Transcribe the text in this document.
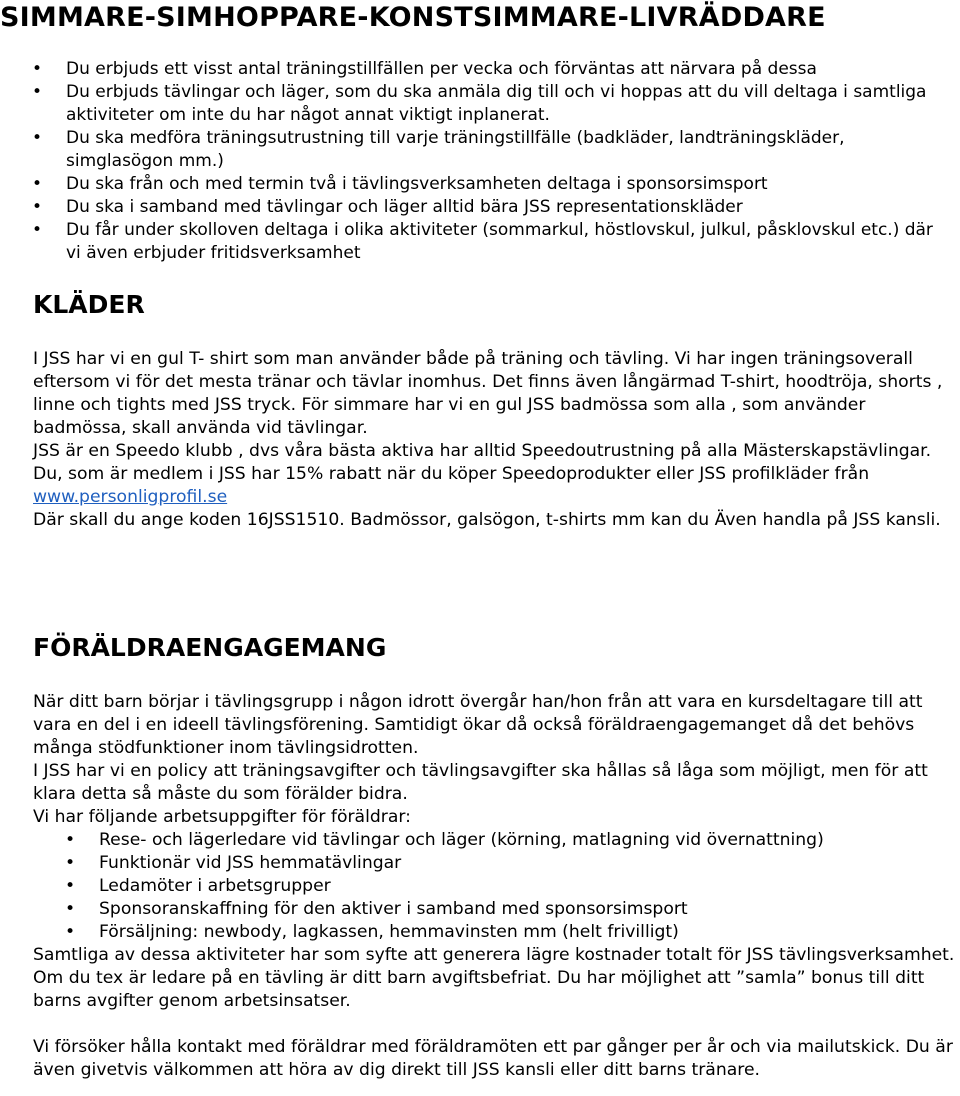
SIMMARE-SIMHOPPARE-KONSTSIMMARE-LIVRÄDDARE
• Du erbjuds ett visst antal träningstillfällen per vecka och förväntas att närvara på dessa
• Du erbjuds tävlingar och läger, som du ska anmäla dig till och vi hoppas att du vill deltaga i samtliga aktiviteter om inte du har något annat viktigt inplanerat.
• Du ska medföra träningsutrustning till varje träningstillfälle (badkläder, landträningskläder, simglasögon mm.)
• Du ska från och med termin två i tävlingsverksamheten deltaga i sponsorsimsport
• Du ska i samband med tävlingar och läger alltid bära JSS representationskläder
• Du får under skolloven deltaga i olika aktiviteter (sommarkul, höstlovskul, julkul, påsklovskul etc.) där vi även erbjuder fritidsverksamhet
KLÄDER

I JSS har vi en gul T- shirt som man använder både på träning och tävling. Vi har ingen träningsoverall eftersom vi för det mesta tränar och tävlar inomhus. Det finns även långärmad T-shirt, hoodtröja, shorts , linne och tights med JSS tryck. För simmare har vi en gul JSS badmössa som alla , som använder badmössa, skall använda vid tävlingar.

JSS är en Speedo klubb , dvs våra bästa aktiva har alltid Speedoutrustning på alla Mästerskapstävlingar. Du, som är medlem i JSS har 15% rabatt när du köper Speedoprodukter eller JSS profilkläder från www.personligprofil.se
Där skall du ange koden 16JSS1510. Badmössor, galsögon, t-shirts mm kan du Även handla på JSS kansli.

FÖRÄLDRAENGAGEMANG

När ditt barn börjar i tävlingsgrupp i någon idrott övergår han/hon från att vara en kursdeltagare till att vara en del i en ideell tävlingsförening. Samtidigt ökar då också föräldraengagemanget då det behövs många stödfunktioner inom tävlingsidrotten.

I JSS har vi en policy att träningsavgifter och tävlingsavgifter ska hållas så låga som möjligt, men för att klara detta så måste du som förälder bidra.

Vi har följande arbetsuppgifter för föräldrar:

• Rese- och lägerledare vid tävlingar och läger (körning, matlagning vid övernattning)
• Funktionär vid JSS hemmatävlingar
• Ledamöter i arbetsgrupper
• Sponsoranskaffning för den aktiver i samband med sponsorsimsport
• Försäljning: newbody, lagkassen, hemmavinsten mm (helt frivilligt)

Samtliga av dessa aktiviteter har som syfte att generera lägre kostnader totalt för JSS tävlingsverksamhet. Om du tex är ledare på en tävling är ditt barn avgiftsbefriat. Du har möjlighet att ”samla” bonus till ditt barns avgifter genom arbetsinsatser.

Vi försöker hålla kontakt med föräldrar med föräldramöten ett par gånger per år och via mailutskick. Du är även givetvis välkommen att höra av dig direkt till JSS kansli eller ditt barns tränare.
